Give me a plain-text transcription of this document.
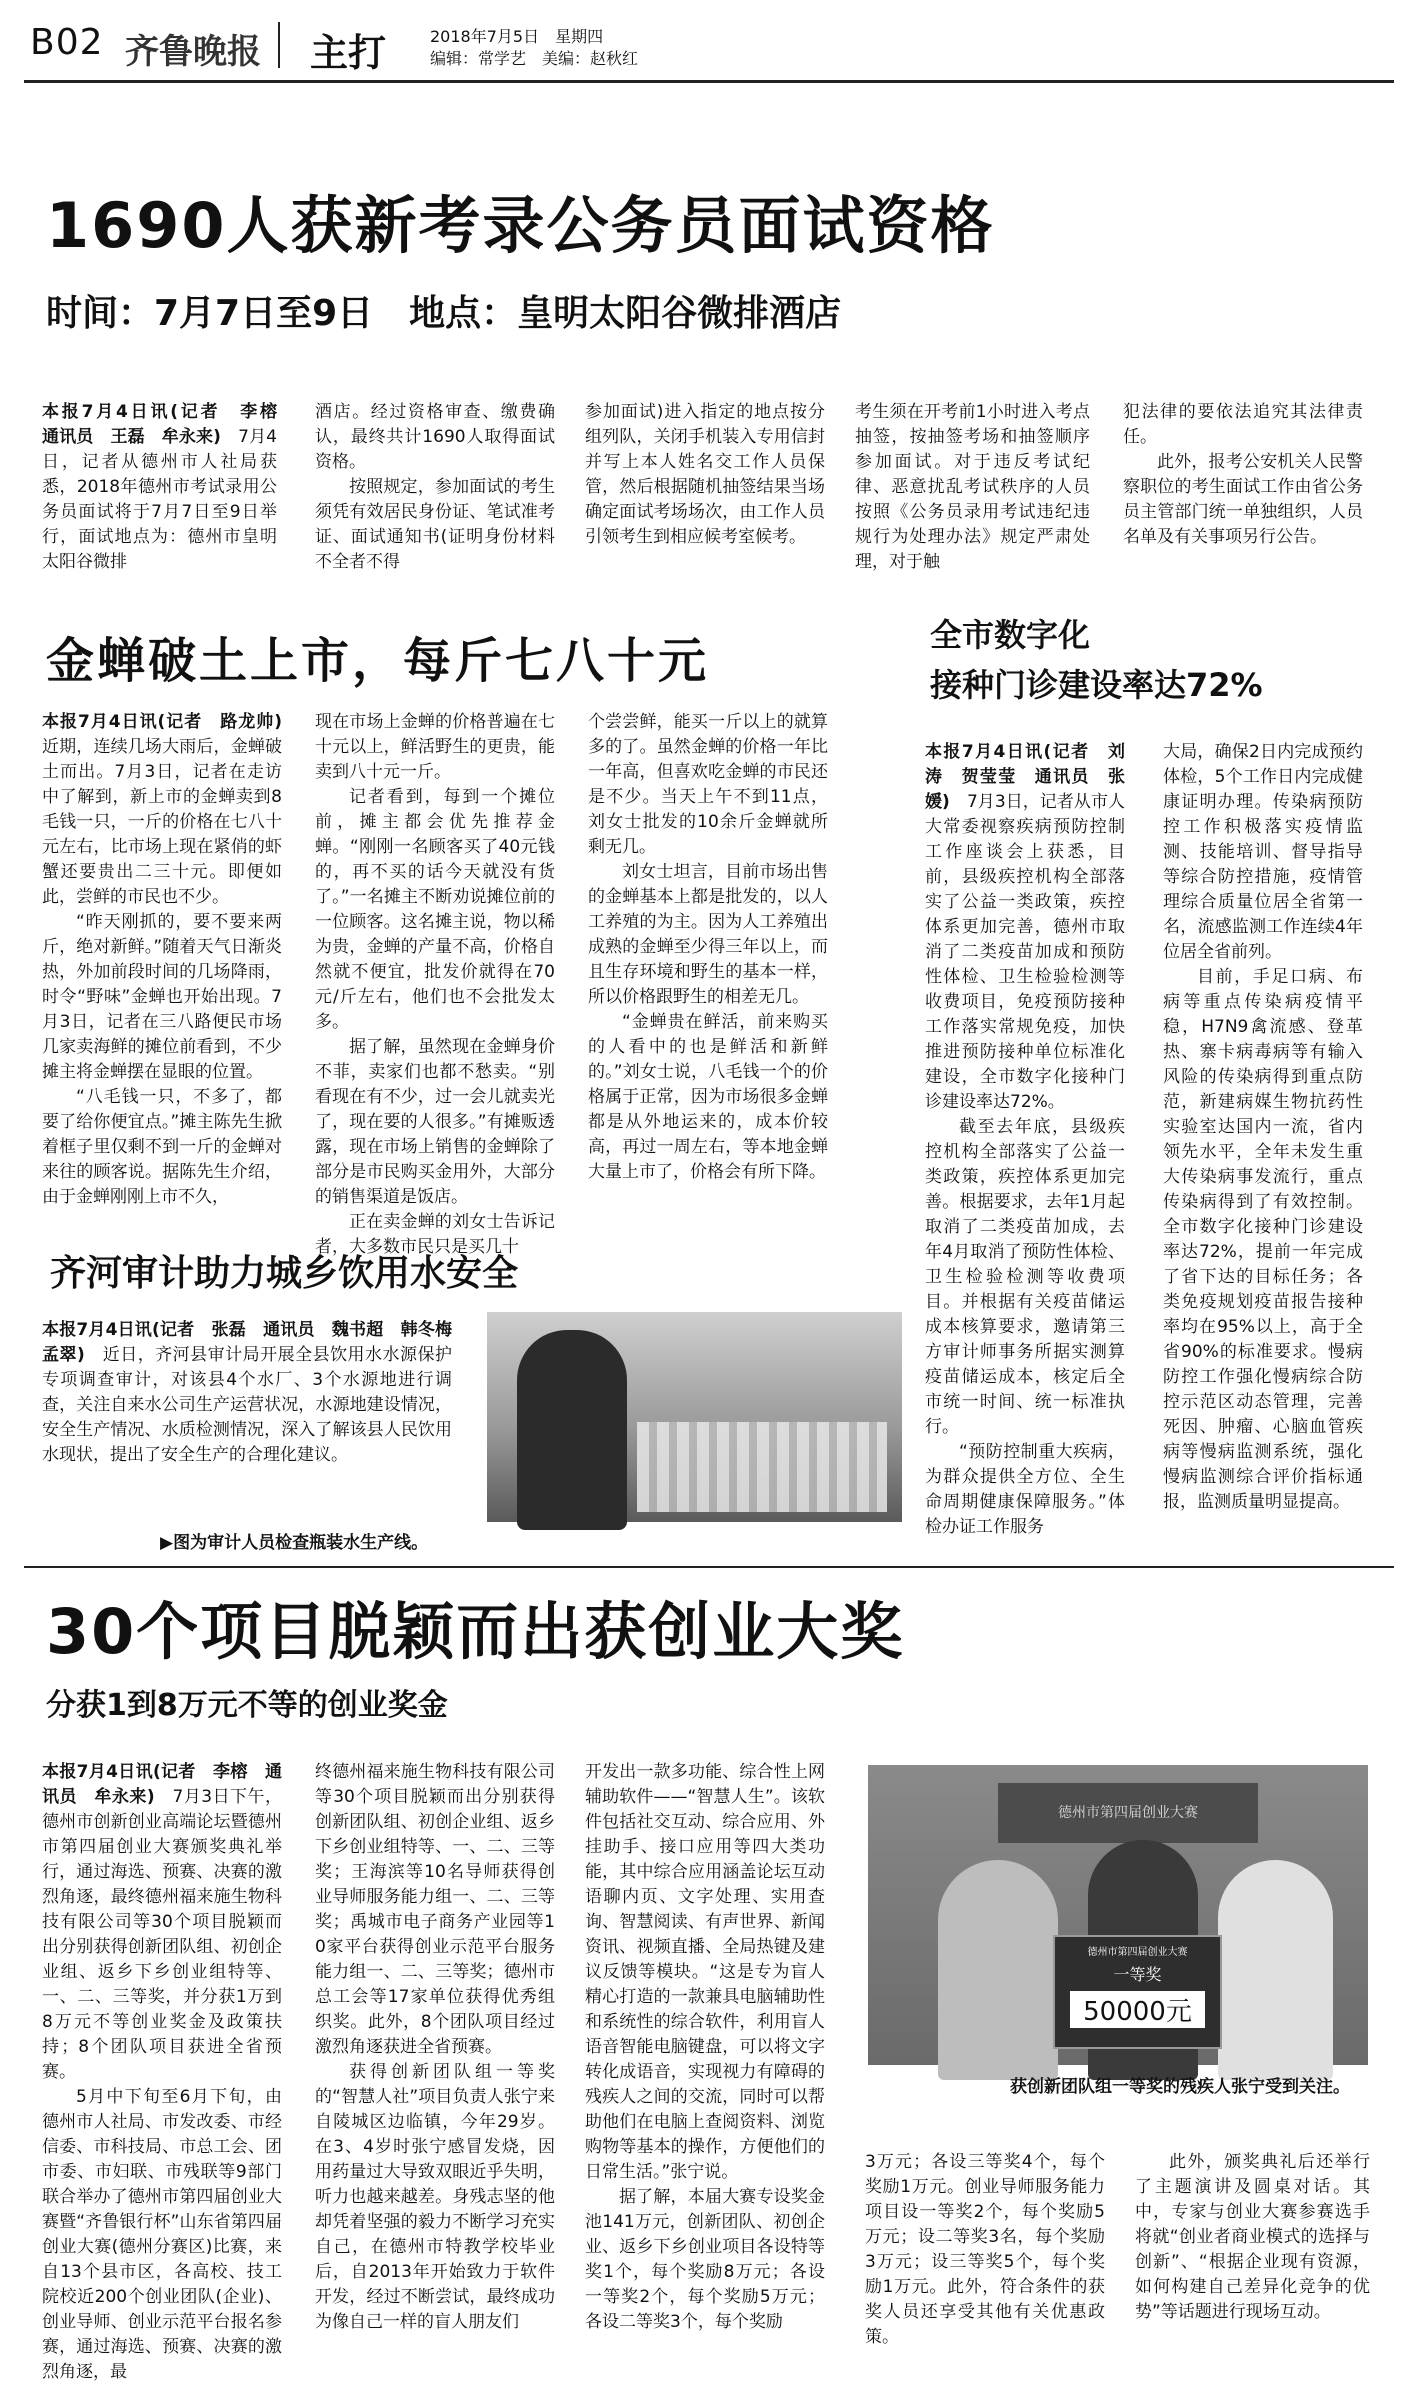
B02 齐鲁晚报 主打	2018年7月5日　星期四
编辑：常学艺　美编：赵秋红
1690人获新考录公务员面试资格
时间：7月7日至9日　地点：皇明太阳谷微排酒店

本报7月4日讯(记者　李榕　通讯员　王磊　牟永来)　 7月4日，记者从德州市人社局获悉，2018年德州市考试录用公务员面试将于7月7日至9日举行，面试地点为：德州市皇明太阳谷微排

酒店。经过资格审查、缴费确认，最终共计1690人取得面试资格。

按照规定，参加面试的考生须凭有效居民身份证、笔试准考证、面试通知书(证明身份材料不全者不得

参加面试)进入指定的地点按分组列队，关闭手机装入专用信封并写上本人姓名交工作人员保管，然后根据随机抽签结果当场确定面试考场场次，由工作人员引领考生到相应候考室候考。

考生须在开考前1小时进入考点抽签，按抽签考场和抽签顺序参加面试。对于违反考试纪律、恶意扰乱考试秩序的人员按照《公务员录用考试违纪违规行为处理办法》规定严肃处理，对于触

犯法律的要依法追究其法律责任。

此外，报考公安机关人民警察职位的考生面试工作由省公务员主管部门统一单独组织，人员名单及有关事项另行公告。

金蝉破土上市，每斤七八十元

本报7月4日讯(记者　路龙帅)　近期，连续几场大雨后，金蝉破土而出。7月3日，记者在走访中了解到，新上市的金蝉卖到8毛钱一只，一斤的价格在七八十元左右，比市场上现在紧俏的虾蟹还要贵出二三十元。即便如此，尝鲜的市民也不少。

“昨天刚抓的，要不要来两斤，绝对新鲜。”随着天气日渐炎热，外加前段时间的几场降雨，时令“野味”金蝉也开始出现。7月3日，记者在三八路便民市场几家卖海鲜的摊位前看到，不少摊主将金蝉摆在显眼的位置。

“八毛钱一只，不多了，都要了给你便宜点。”摊主陈先生掀着框子里仅剩不到一斤的金蝉对来往的顾客说。据陈先生介绍，由于金蝉刚刚上市不久，

现在市场上金蝉的价格普遍在七十元以上，鲜活野生的更贵，能卖到八十元一斤。

记者看到，每到一个摊位前，摊主都会优先推荐金蝉。“刚刚一名顾客买了40元钱的，再不买的话今天就没有货了。”一名摊主不断劝说摊位前的一位顾客。这名摊主说，物以稀为贵，金蝉的产量不高，价格自然就不便宜，批发价就得在70元/斤左右，他们也不会批发太多。

据了解，虽然现在金蝉身价不菲，卖家们也都不愁卖。“别看现在有不少，过一会儿就卖光了，现在要的人很多。”有摊贩透露，现在市场上销售的金蝉除了部分是市民购买金用外，大部分的销售渠道是饭店。

正在卖金蝉的刘女士告诉记者，大多数市民只是买几十

个尝尝鲜，能买一斤以上的就算多的了。虽然金蝉的价格一年比一年高，但喜欢吃金蝉的市民还是不少。当天上午不到11点，刘女士批发的10余斤金蝉就所剩无几。

刘女士坦言，目前市场出售的金蝉基本上都是批发的，以人工养殖的为主。因为人工养殖出成熟的金蝉至少得三年以上，而且生存环境和野生的基本一样，所以价格跟野生的相差无几。

“金蝉贵在鲜活，前来购买的人看中的也是鲜活和新鲜的。”刘女士说，八毛钱一个的价格属于正常，因为市场很多金蝉都是从外地运来的，成本价较高，再过一周左右，等本地金蝉大量上市了，价格会有所下降。

全市数字化
接种门诊建设率达72%

本报7月4日讯(记者　刘　涛　贺莹莹　通讯员　张媛)　 7月3日，记者从市人大常委视察疾病预防控制工作座谈会上获悉，目前，县级疾控机构全部落实了公益一类政策，疾控体系更加完善，德州市取消了二类疫苗加成和预防性体检、卫生检验检测等收费项目，免疫预防接种工作落实常规免疫，加快推进预防接种单位标准化建设，全市数字化接种门诊建设率达72%。

截至去年底，县级疾控机构全部落实了公益一类政策，疾控体系更加完善。根据要求，去年1月起取消了二类疫苗加成，去年4月取消了预防性体检、卫生检验检测等收费项目。并根据有关疫苗储运成本核算要求，邀请第三方审计师事务所据实测算疫苗储运成本，核定后全市统一时间、统一标准执行。

“预防控制重大疾病，为群众提供全方位、全生命周期健康保障服务。”体检办证工作服务

大局，确保2日内完成预约体检，5个工作日内完成健康证明办理。传染病预防控工作积极落实疫情监测、技能培训、督导指导等综合防控措施，疫情管理综合质量位居全省第一名，流感监测工作连续4年位居全省前列。

目前，手足口病、布病等重点传染病疫情平稳，H7N9禽流感、登革热、寨卡病毒病等有输入风险的传染病得到重点防范，新建病媒生物抗药性实验室达国内一流，省内领先水平，全年未发生重大传染病事发流行，重点传染病得到了有效控制。全市数字化接种门诊建设率达72%，提前一年完成了省下达的目标任务；各类免疫规划疫苗报告接种率均在95%以上，高于全省90%的标准要求。慢病防控工作强化慢病综合防控示范区动态管理，完善死因、肿瘤、心脑血管疾病等慢病监测系统，强化慢病监测综合评价指标通报，监测质量明显提高。

齐河审计助力城乡饮用水安全

本报7月4日讯(记者　张磊　通讯员　魏书超　韩冬梅　孟翠)　 近日，齐河县审计局开展全县饮用水水源保护专项调查审计，对该县4个水厂、3个水源地进行调查，关注自来水公司生产运营状况，水源地建设情况，安全生产情况、水质检测情况，深入了解该县人民饮用水现状，提出了安全生产的合理化建议。

▶图为审计人员检查瓶装水生产线。
30个项目脱颖而出获创业大奖
分获1到8万元不等的创业奖金

本报7月4日讯(记者　李榕　通讯员　牟永来)　 7月3日下午，德州市创新创业高端论坛暨德州市第四届创业大赛颁奖典礼举行，通过海选、预赛、决赛的激烈角逐，最终德州福来施生物科技有限公司等30个项目脱颖而出分别获得创新团队组、初创企业组、返乡下乡创业组特等、一、二、三等奖，并分获1万到8万元不等创业奖金及政策扶持；8个团队项目获进全省预赛。

5月中下旬至6月下旬，由德州市人社局、市发改委、市经信委、市科技局、市总工会、团市委、市妇联、市残联等9部门联合举办了德州市第四届创业大赛暨“齐鲁银行杯”山东省第四届创业大赛(德州分赛区)比赛，来自13个县市区，各高校、技工院校近200个创业团队(企业)、创业导师、创业示范平台报名参赛，通过海选、预赛、决赛的激烈角逐，最

终德州福来施生物科技有限公司等30个项目脱颖而出分别获得创新团队组、初创企业组、返乡下乡创业组特等、一、二、三等奖；王海滨等10名导师获得创业导师服务能力组一、二、三等奖；禹城市电子商务产业园等10家平台获得创业示范平台服务能力组一、二、三等奖；德州市总工会等17家单位获得优秀组织奖。此外，8个团队项目经过激烈角逐获进全省预赛。

获得创新团队组一等奖的“智慧人社”项目负责人张宁来自陵城区边临镇，今年29岁。在3、4岁时张宁感冒发烧，因用药量过大导致双眼近乎失明，听力也越来越差。身残志坚的他却凭着坚强的毅力不断学习充实自己，在德州市特教学校毕业后，自2013年开始致力于软件开发，经过不断尝试，最终成功为像自己一样的盲人朋友们

开发出一款多功能、综合性上网辅助软件——“智慧人生”。该软件包括社交互动、综合应用、外挂助手、接口应用等四大类功能，其中综合应用涵盖论坛互动语聊内页、文字处理、实用查询、智慧阅读、有声世界、新闻资讯、视频直播、全局热键及建议反馈等模块。“这是专为盲人精心打造的一款兼具电脑辅助性和系统性的综合软件，利用盲人语音智能电脑键盘，可以将文字转化成语音，实现视力有障碍的残疾人之间的交流，同时可以帮助他们在电脑上查阅资料、浏览购物等基本的操作，方便他们的日常生活。”张宁说。

据了解，本届大赛专设奖金池141万元，创新团队、初创企业、返乡下乡创业项目各设特等奖1个，每个奖励8万元；各设一等奖2个，每个奖励5万元；各设二等奖3个，每个奖励

德州市第四届创业大赛
德州市第四届创业大赛
一等奖
50000元
获创新团队组一等奖的残疾人张宁受到关注。

3万元；各设三等奖4个，每个奖励1万元。创业导师服务能力项目设一等奖2个，每个奖励5万元；设二等奖3名，每个奖励3万元；设三等奖5个，每个奖励1万元。此外，符合条件的获奖人员还享受其他有关优惠政策。

此外，颁奖典礼后还举行了主题演讲及圆桌对话。其中，专家与创业大赛参赛选手将就“创业者商业模式的选择与创新”、“根据企业现有资源，如何构建自己差异化竞争的优势”等话题进行现场互动。
